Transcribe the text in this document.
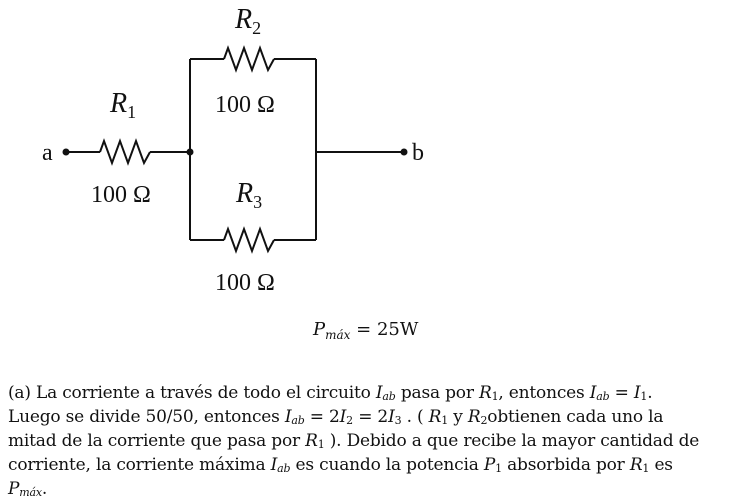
a	b
$R_2$
100 Ω
$R_1$
100 Ω	$R_3$
100 Ω
$P_{máx} = 25W$
(a) La corriente a través de todo el circuito $I_{ab}$ pasa por $R_1$, entonces $I_{ab} = I_1$.
Luego se divide 50/50, entonces $I_{ab} = 2I_2 = 2I_3$ . ( $R_1$ y $R_2obtienen$ cada uno la
mitad de la corriente que pasa por $R_1$ ). Debido a que recibe la mayor cantidad de
corriente, la corriente máxima $I_{ab}$ es cuando la potencia $P_1$ absorbida por $R_1$ es
$P_{máx}$.
